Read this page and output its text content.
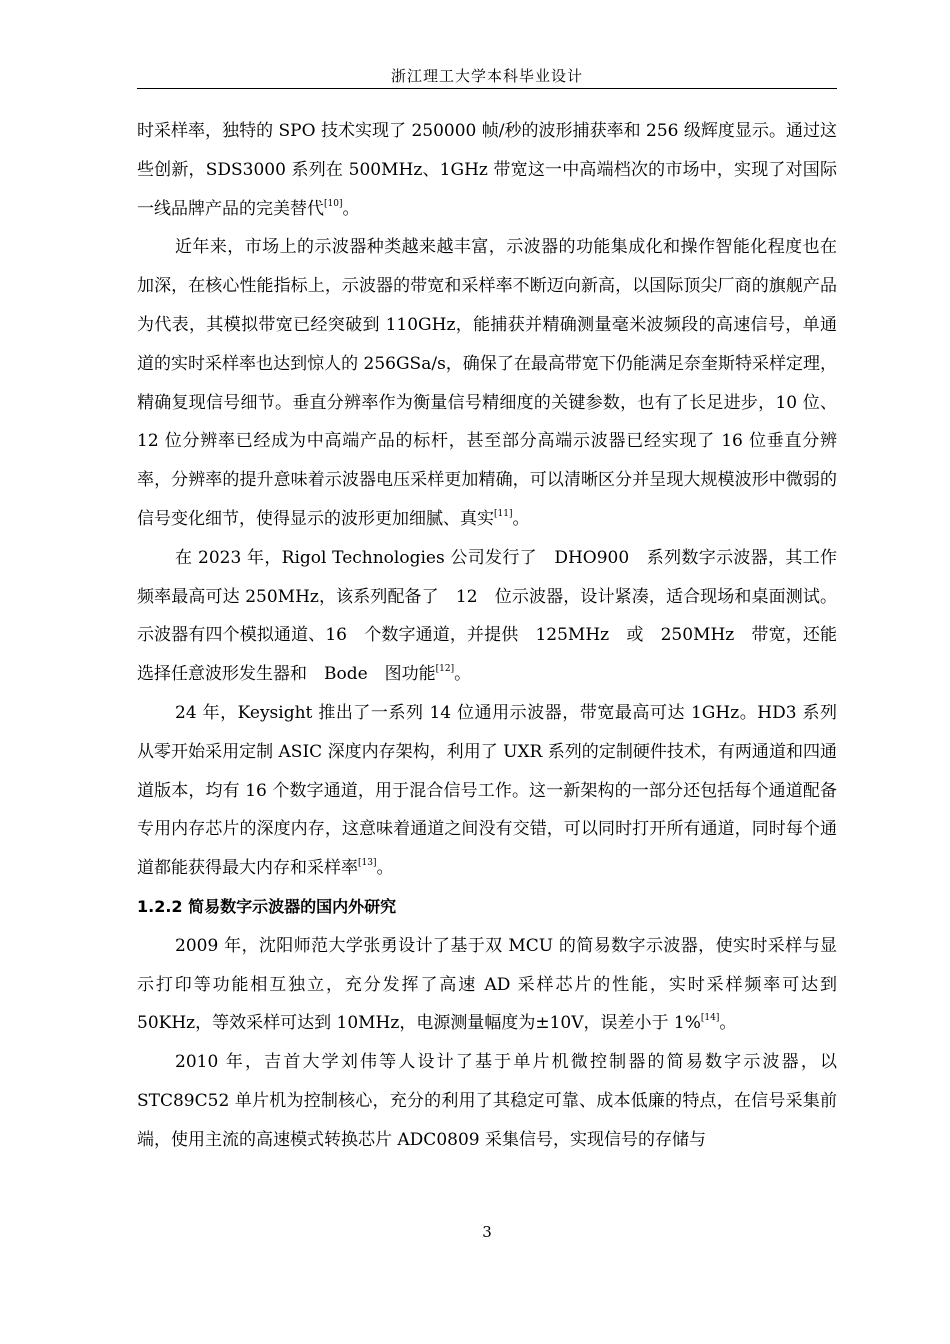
浙江理工大学本科毕业设计

时采样率，独特的 SPO 技术实现了 250000 帧/秒的波形捕获率和 256 级辉度显示。通过这些创新，SDS3000 系列在 500MHz、1GHz 带宽这一中高端档次的市场中，实现了对国际一线品牌产品的完美替代[10]。

近年来，市场上的示波器种类越来越丰富，示波器的功能集成化和操作智能化程度也在加深，在核心性能指标上，示波器的带宽和采样率不断迈向新高，以国际顶尖厂商的旗舰产品为代表，其模拟带宽已经突破到 110GHz，能捕获并精确测量毫米波频段的高速信号，单通道的实时采样率也达到惊人的 256GSa/s，确保了在最高带宽下仍能满足奈奎斯特采样定理，精确复现信号细节。垂直分辨率作为衡量信号精细度的关键参数，也有了长足进步，10 位、12 位分辨率已经成为中高端产品的标杆，甚至部分高端示波器已经实现了 16 位垂直分辨率，分辨率的提升意味着示波器电压采样更加精确，可以清晰区分并呈现大规模波形中微弱的信号变化细节，使得显示的波形更加细腻、真实[11]。

在 2023 年，Rigol Technologies 公司发行了　DHO900　系列数字示波器，其工作频率最高可达 250MHz，该系列配备了　12　位示波器，设计紧凑，适合现场和桌面测试。示波器有四个模拟通道、16　个数字通道，并提供　125MHz　或　250MHz　带宽，还能选择任意波形发生器和　Bode　图功能[12]。

24 年，Keysight 推出了一系列 14 位通用示波器，带宽最高可达 1GHz。HD3 系列从零开始采用定制 ASIC 深度内存架构，利用了 UXR 系列的定制硬件技术，有两通道和四通道版本，均有 16 个数字通道，用于混合信号工作。这一新架构的一部分还包括每个通道配备专用内存芯片的深度内存，这意味着通道之间没有交错，可以同时打开所有通道，同时每个通道都能获得最大内存和采样率[13]。

1.2.2 简易数字示波器的国内外研究

2009 年，沈阳师范大学张勇设计了基于双 MCU 的简易数字示波器，使实时采样与显示打印等功能相互独立，充分发挥了高速 AD 采样芯片的性能，实时采样频率可达到 50KHz，等效采样可达到 10MHz，电源测量幅度为±10V，误差小于 1%[14]。

2010 年，吉首大学刘伟等人设计了基于单片机微控制器的简易数字示波器，以 STC89C52 单片机为控制核心，充分的利用了其稳定可靠、成本低廉的特点，在信号采集前端，使用主流的高速模式转换芯片 ADC0809 采集信号，实现信号的存储与

3
